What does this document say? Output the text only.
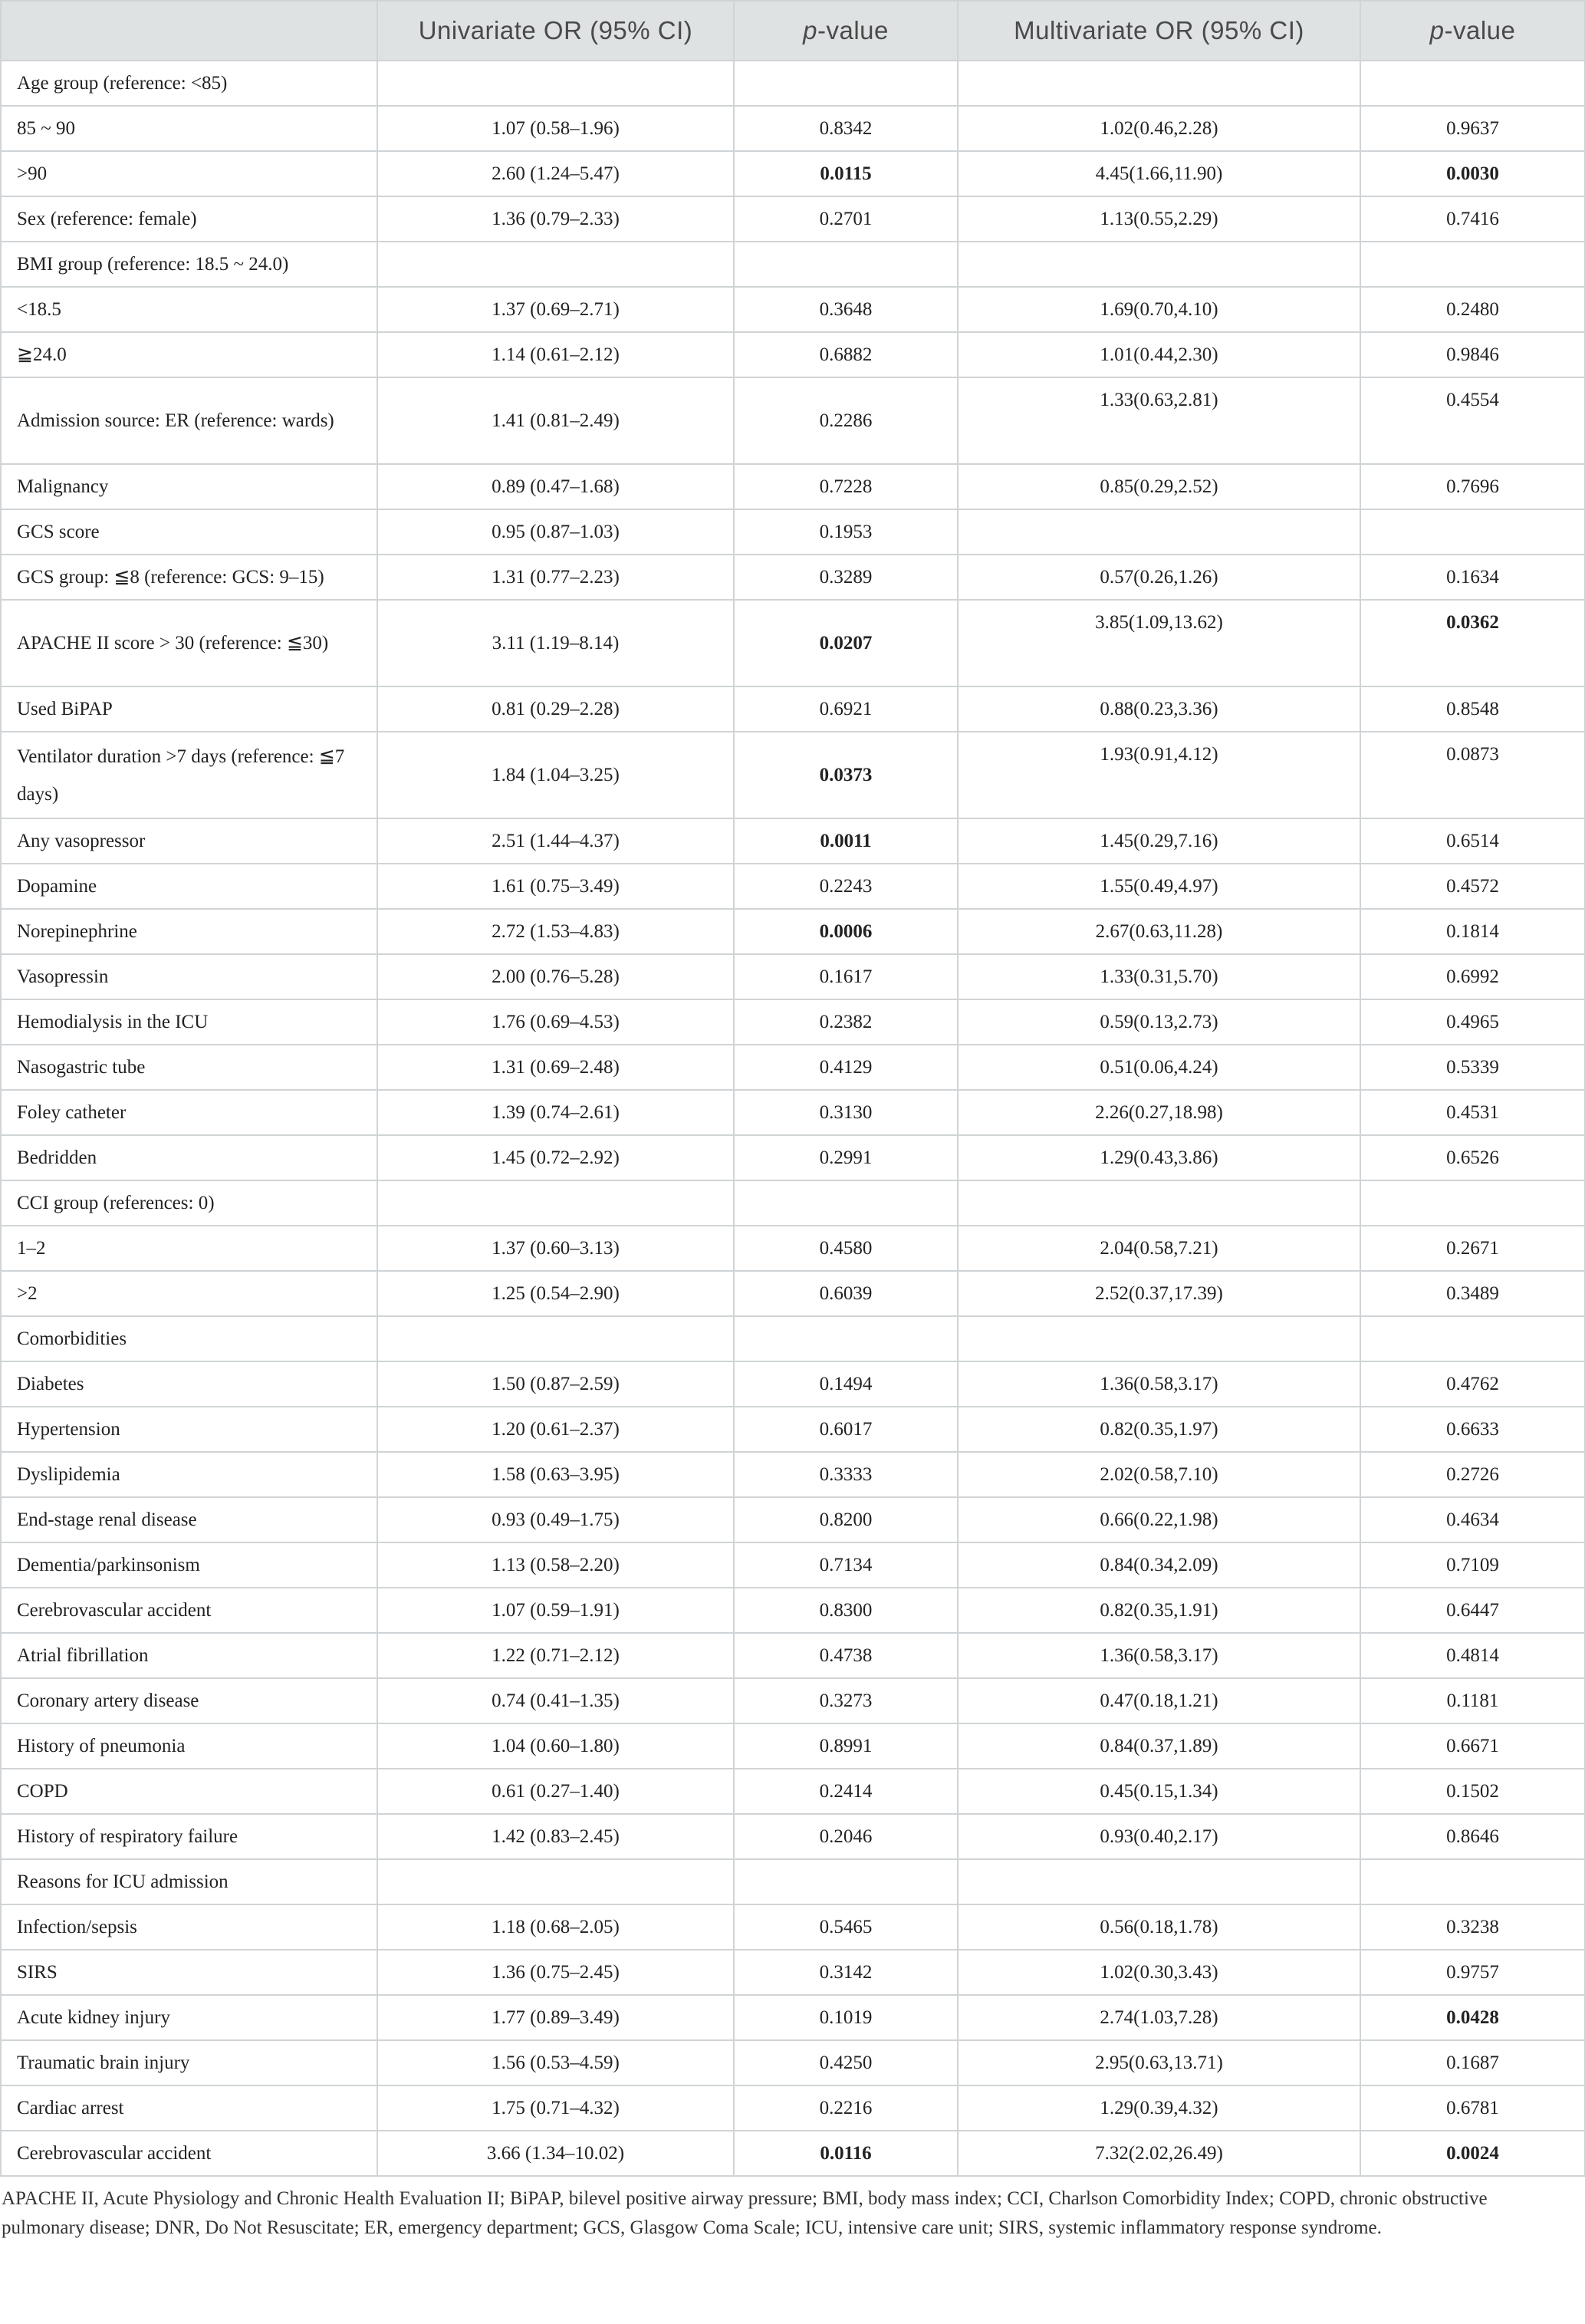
	Univariate OR (95% CI)	p-value	Multivariate OR (95% CI)	p-value
Age group (reference: <85)				
85 ~ 90	1.07 (0.58–1.96)	0.8342	1.02(0.46,2.28)	0.9637
>90	2.60 (1.24–5.47)	0.0115	4.45(1.66,11.90)	0.0030
Sex (reference: female)	1.36 (0.79–2.33)	0.2701	1.13(0.55,2.29)	0.7416
BMI group (reference: 18.5 ~ 24.0)				
<18.5	1.37 (0.69–2.71)	0.3648	1.69(0.70,4.10)	0.2480
≧24.0	1.14 (0.61–2.12)	0.6882	1.01(0.44,2.30)	0.9846
Admission source: ER (reference: wards)	1.41 (0.81–2.49)	0.2286	1.33(0.63,2.81)	0.4554
Malignancy	0.89 (0.47–1.68)	0.7228	0.85(0.29,2.52)	0.7696
GCS score	0.95 (0.87–1.03)	0.1953		
GCS group: ≦8 (reference: GCS: 9–15)	1.31 (0.77–2.23)	0.3289	0.57(0.26,1.26)	0.1634
APACHE II score > 30 (reference: ≦30)	3.11 (1.19–8.14)	0.0207	3.85(1.09,13.62)	0.0362
Used BiPAP	0.81 (0.29–2.28)	0.6921	0.88(0.23,3.36)	0.8548
Ventilator duration >7 days (reference: ≦7 days)	1.84 (1.04–3.25)	0.0373	1.93(0.91,4.12)	0.0873
Any vasopressor	2.51 (1.44–4.37)	0.0011	1.45(0.29,7.16)	0.6514
Dopamine	1.61 (0.75–3.49)	0.2243	1.55(0.49,4.97)	0.4572
Norepinephrine	2.72 (1.53–4.83)	0.0006	2.67(0.63,11.28)	0.1814
Vasopressin	2.00 (0.76–5.28)	0.1617	1.33(0.31,5.70)	0.6992
Hemodialysis in the ICU	1.76 (0.69–4.53)	0.2382	0.59(0.13,2.73)	0.4965
Nasogastric tube	1.31 (0.69–2.48)	0.4129	0.51(0.06,4.24)	0.5339
Foley catheter	1.39 (0.74–2.61)	0.3130	2.26(0.27,18.98)	0.4531
Bedridden	1.45 (0.72–2.92)	0.2991	1.29(0.43,3.86)	0.6526
CCI group (references: 0)				
1–2	1.37 (0.60–3.13)	0.4580	2.04(0.58,7.21)	0.2671
>2	1.25 (0.54–2.90)	0.6039	2.52(0.37,17.39)	0.3489
Comorbidities				
Diabetes	1.50 (0.87–2.59)	0.1494	1.36(0.58,3.17)	0.4762
Hypertension	1.20 (0.61–2.37)	0.6017	0.82(0.35,1.97)	0.6633
Dyslipidemia	1.58 (0.63–3.95)	0.3333	2.02(0.58,7.10)	0.2726
End-stage renal disease	0.93 (0.49–1.75)	0.8200	0.66(0.22,1.98)	0.4634
Dementia/parkinsonism	1.13 (0.58–2.20)	0.7134	0.84(0.34,2.09)	0.7109
Cerebrovascular accident	1.07 (0.59–1.91)	0.8300	0.82(0.35,1.91)	0.6447
Atrial fibrillation	1.22 (0.71–2.12)	0.4738	1.36(0.58,3.17)	0.4814
Coronary artery disease	0.74 (0.41–1.35)	0.3273	0.47(0.18,1.21)	0.1181
History of pneumonia	1.04 (0.60–1.80)	0.8991	0.84(0.37,1.89)	0.6671
COPD	0.61 (0.27–1.40)	0.2414	0.45(0.15,1.34)	0.1502
History of respiratory failure	1.42 (0.83–2.45)	0.2046	0.93(0.40,2.17)	0.8646
Reasons for ICU admission				
Infection/sepsis	1.18 (0.68–2.05)	0.5465	0.56(0.18,1.78)	0.3238
SIRS	1.36 (0.75–2.45)	0.3142	1.02(0.30,3.43)	0.9757
Acute kidney injury	1.77 (0.89–3.49)	0.1019	2.74(1.03,7.28)	0.0428
Traumatic brain injury	1.56 (0.53–4.59)	0.4250	2.95(0.63,13.71)	0.1687
Cardiac arrest	1.75 (0.71–4.32)	0.2216	1.29(0.39,4.32)	0.6781
Cerebrovascular accident	3.66 (1.34–10.02)	0.0116	7.32(2.02,26.49)	0.0024

APACHE II, Acute Physiology and Chronic Health Evaluation II; BiPAP, bilevel positive airway pressure; BMI, body mass index; CCI, Charlson Comorbidity Index; COPD, chronic obstructive pulmonary disease; DNR, Do Not Resuscitate; ER, emergency department; GCS, Glasgow Coma Scale; ICU, intensive care unit; SIRS, systemic inflammatory response syndrome.
